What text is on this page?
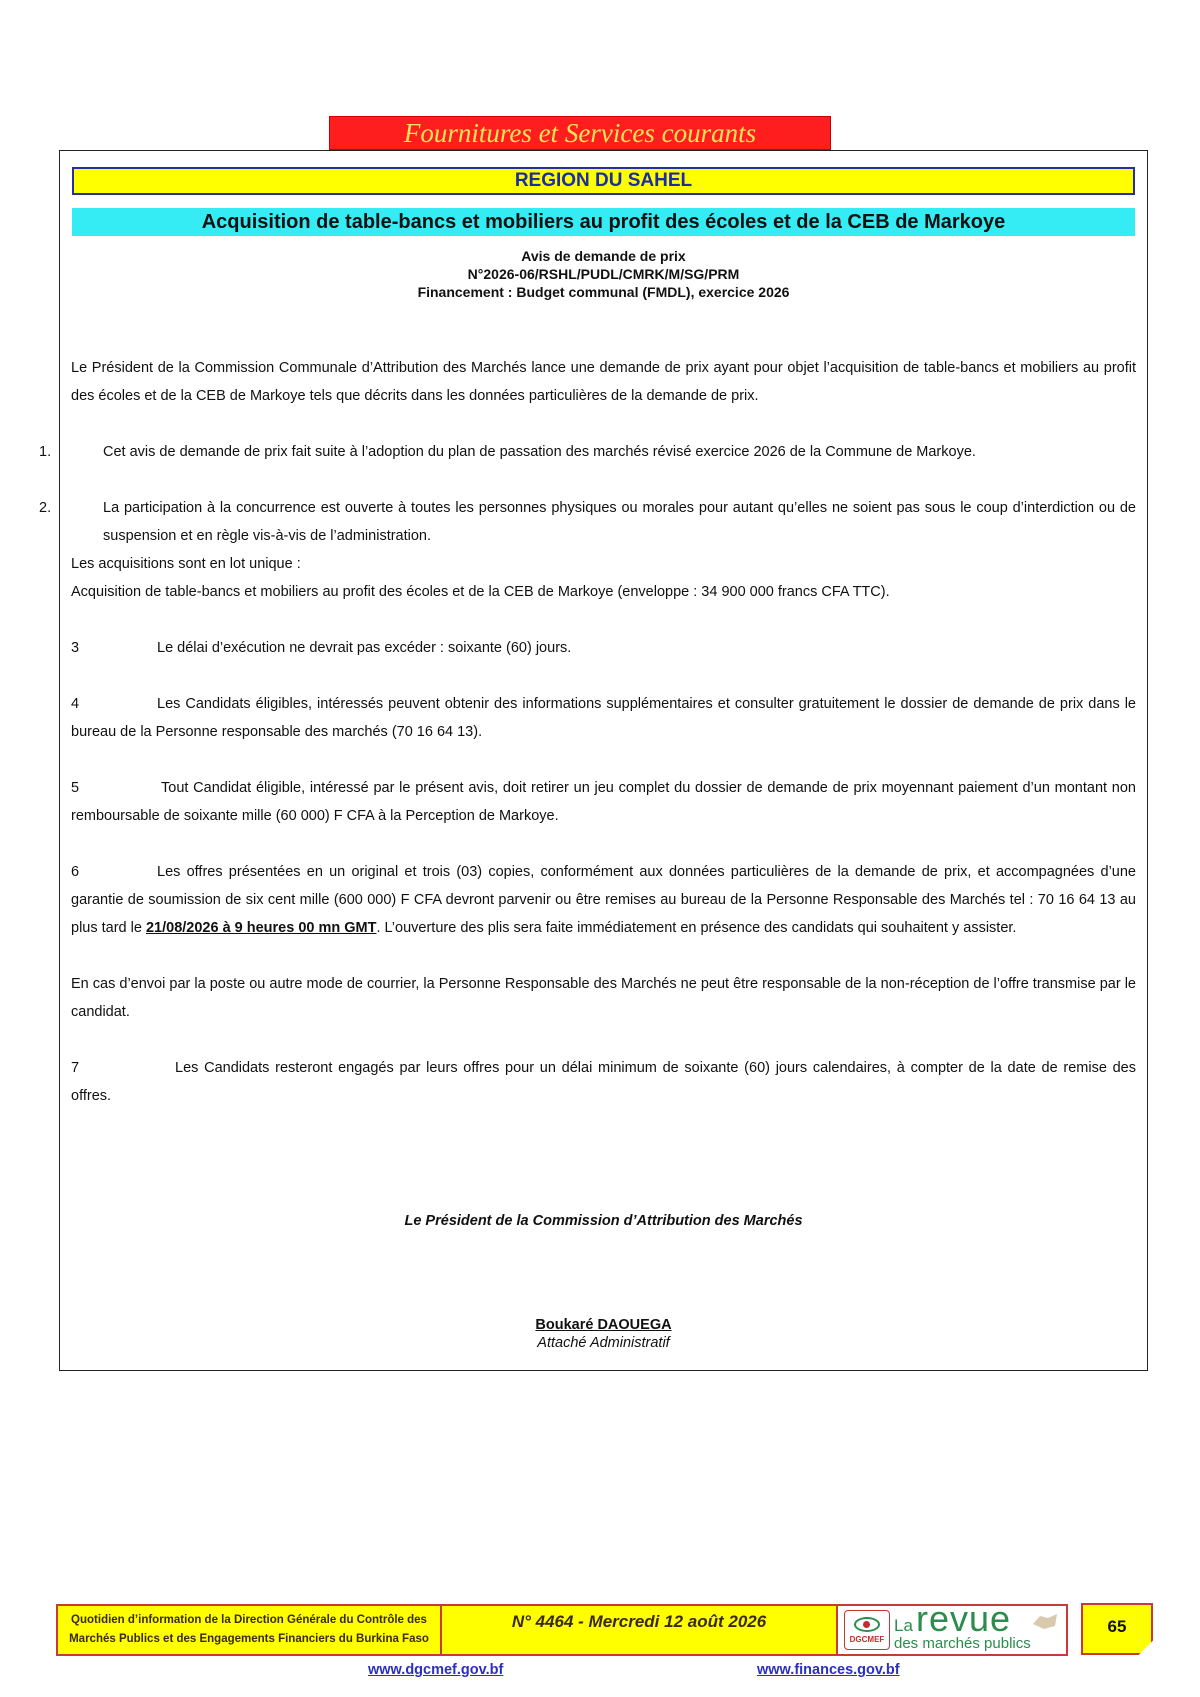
Fournitures et Services courants
REGION DU SAHEL
Acquisition de table-bancs et mobiliers au profit des écoles et de la CEB de Markoye
Avis de demande de prix
N°2026-06/RSHL/PUDL/CMRK/M/SG/PRM
Financement : Budget communal (FMDL), exercice 2026

Le Président de la Commission Communale d’Attribution des Marchés lance une demande de prix ayant pour objet l’acquisition de table-bancs et mobiliers au profit des écoles et de la CEB de Markoye tels que décrits dans les données particulières de la demande de prix.

1.	Cet avis de demande de prix fait suite à l’adoption du plan de passation des marchés révisé exercice 2026 de la Commune de Markoye.

2.	La participation à la concurrence est ouverte à toutes les personnes physiques ou morales pour autant qu’elles ne soient pas sous le coup d’interdiction ou de suspension et en règle vis-à-vis de l’administration.

Les acquisitions sont en lot unique :

Acquisition de table-bancs et mobiliers au profit des écoles et de la CEB de Markoye (enveloppe : 34 900 000 francs CFA TTC).

3	Le délai d’exécution ne devrait pas excéder : soixante (60) jours.

4	Les Candidats éligibles, intéressés peuvent obtenir des informations supplémentaires et consulter gratuitement le dossier de demande de prix dans le bureau de la Personne responsable des marchés (70 16 64 13).

5	Tout Candidat éligible, intéressé par le présent avis, doit retirer un jeu complet du dossier de demande de prix moyennant paiement d’un montant non remboursable de soixante mille (60 000) F CFA à la Perception de Markoye.

6	Les offres présentées en un original et trois (03) copies, conformément aux données particulières de la demande de prix, et accompagnées d’une garantie de soumission de six cent mille (600 000) F CFA devront parvenir ou être remises au bureau de la Personne Responsable des Marchés tel : 70 16 64 13 au plus tard le 21/08/2026 à 9 heures 00 mn GMT. L’ouverture des plis sera faite immédiatement en présence des candidats qui souhaitent y assister.

En cas d’envoi par la poste ou autre mode de courrier, la Personne Responsable des Marchés ne peut être responsable de la non-réception de l’offre transmise par le candidat.

7	Les Candidats resteront engagés par leurs offres pour un délai minimum de soixante (60) jours calendaires, à compter de la date de remise des offres.

Le Président de la Commission d’Attribution des Marchés
Boukaré DAOUEGA
Attaché Administratif
Quotidien d’information de la Direction Générale du Contrôle des
Marchés Publics et des Engagements Financiers du Burkina Faso
N° 4464 - Mercredi 12 août 2026
DGCMEF
La revue
des marchés publics
65
www.dgcmef.gov.bf	www.finances.gov.bf
